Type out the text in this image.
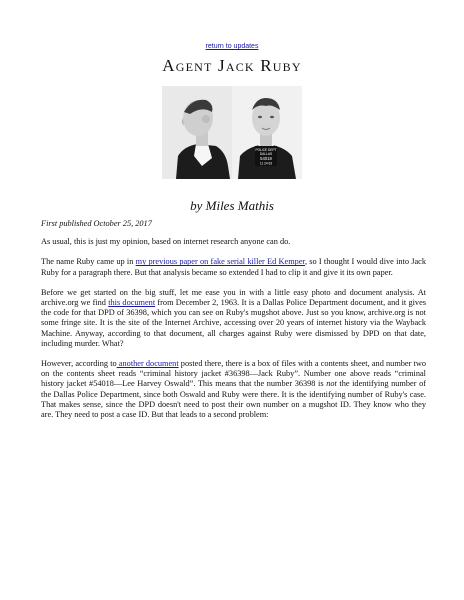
return to updates
Agent Jack Ruby
POLICE DEPT
DALLAS
54018
11 24 63
by Miles Mathis

First published October 25, 2017

As usual, this is just my opinion, based on internet research anyone can do.

The name Ruby came up in my previous paper on fake serial killer Ed Kemper, so I thought I would dive into Jack Ruby for a paragraph there. But that analysis became so extended I had to clip it and give it its own paper.

Before we get started on the big stuff, let me ease you in with a little easy photo and document analysis. At archive.org we find this document from December 2, 1963. It is a Dallas Police Department document, and it gives the code for that DPD of 36398, which you can see on Ruby's mugshot above. Just so you know, archive.org is not some fringe site. It is the site of the Internet Archive, accessing over 20 years of internet history via the Wayback Machine. Anyway, according to that document, all charges against Ruby were dismissed by DPD on that date, including murder. What?

However, according to another document posted there, there is a box of files with a contents sheet, and number two on the contents sheet reads “criminal history jacket #36398—Jack Ruby”. Number one above reads “criminal history jacket #54018—Lee Harvey Oswald”. This means that the number 36398 is not the identifying number of the Dallas Police Department, since both Oswald and Ruby were there. It is the identifying number of Ruby's case. That makes sense, since the DPD doesn't need to post their own number on a mugshot ID. They know who they are. They need to post a case ID. But that leads to a second problem:
